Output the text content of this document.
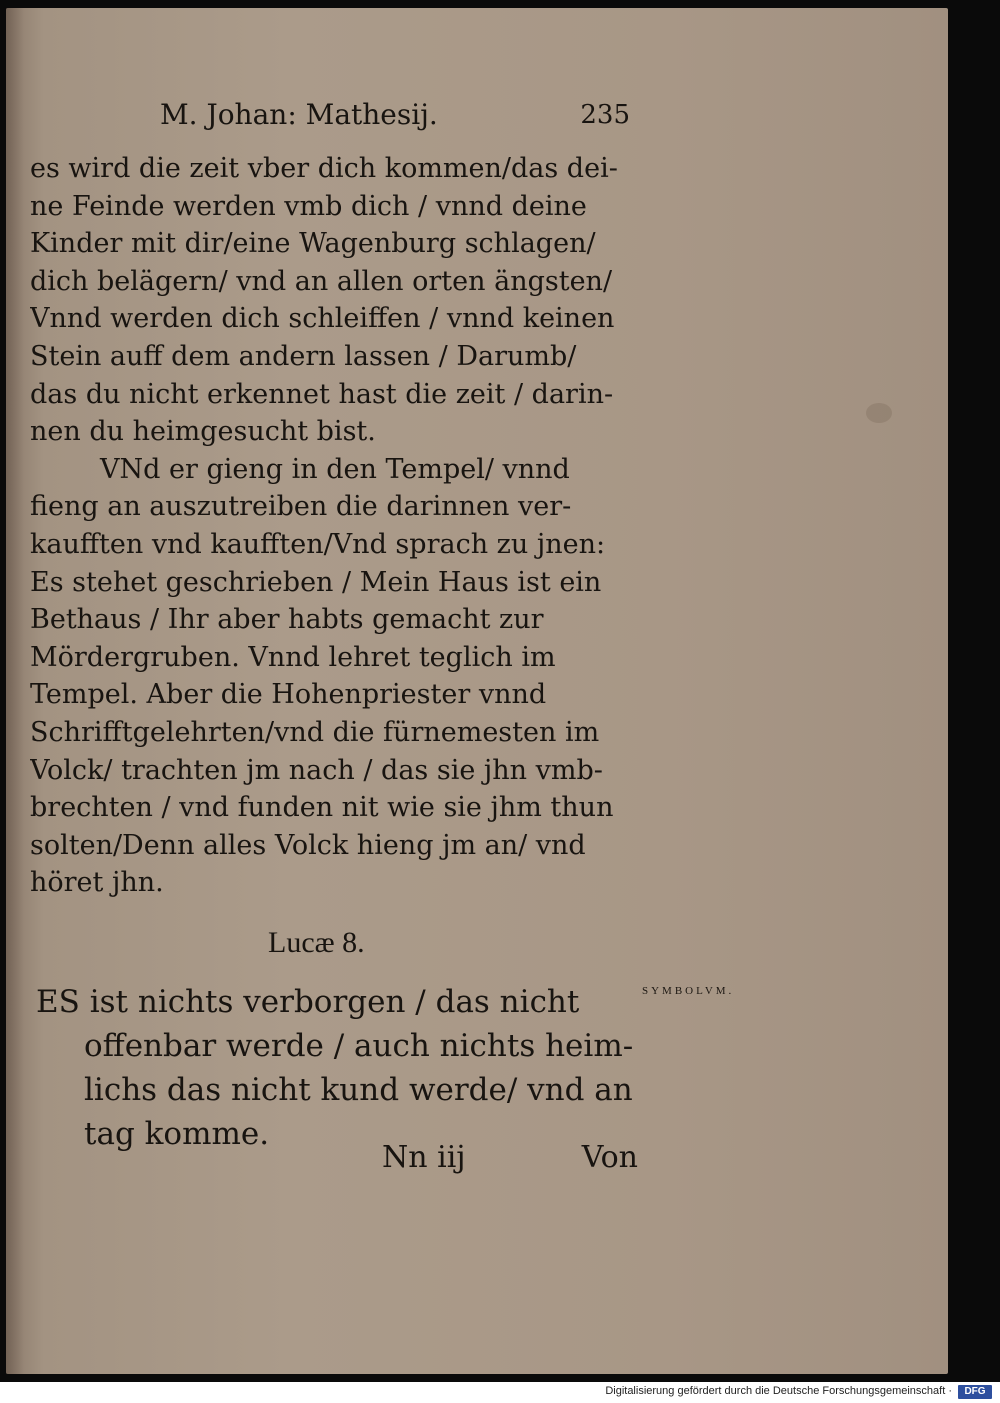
M. Johan: Mathesij.	235
es wird die zeit vber dich kommen/das dei-
ne Feinde werden vmb dich / vnnd deine
Kinder mit dir/eine Wagenburg schlagen/
dich belägern/ vnd an allen orten ängsten/
Vnnd werden dich schleiffen / vnnd keinen
Stein auff dem andern lassen / Darumb/
das du nicht erkennet hast die zeit / darin-
nen du heimgesucht bist.
VNd er gieng in den Tempel/ vnnd
fieng an auszutreiben die darinnen ver-
kaufften vnd kaufften/Vnd sprach zu jnen:
Es stehet geschrieben / Mein Haus ist ein
Bethaus / Ihr aber habts gemacht zur
Mördergruben. Vnnd lehret teglich im
Tempel. Aber die Hohenpriester vnnd
Schrifftgelehrten/vnd die fürnemesten im
Volck/ trachten jm nach / das sie jhn vmb-
brechten / vnd funden nit wie sie jhm thun
solten/Denn alles Volck hieng jm an/ vnd
höret jhn.
Lucæ 8.
ES ist nichts verborgen / das nicht
offenbar werde / auch nichts heim-
lichs das nicht kund werde/ vnd an
tag komme.
SYMBOLVM.
Nn iij	Von
Digitalisierung gefördert durch die Deutsche Forschungsgemeinschaft ·	DFG
